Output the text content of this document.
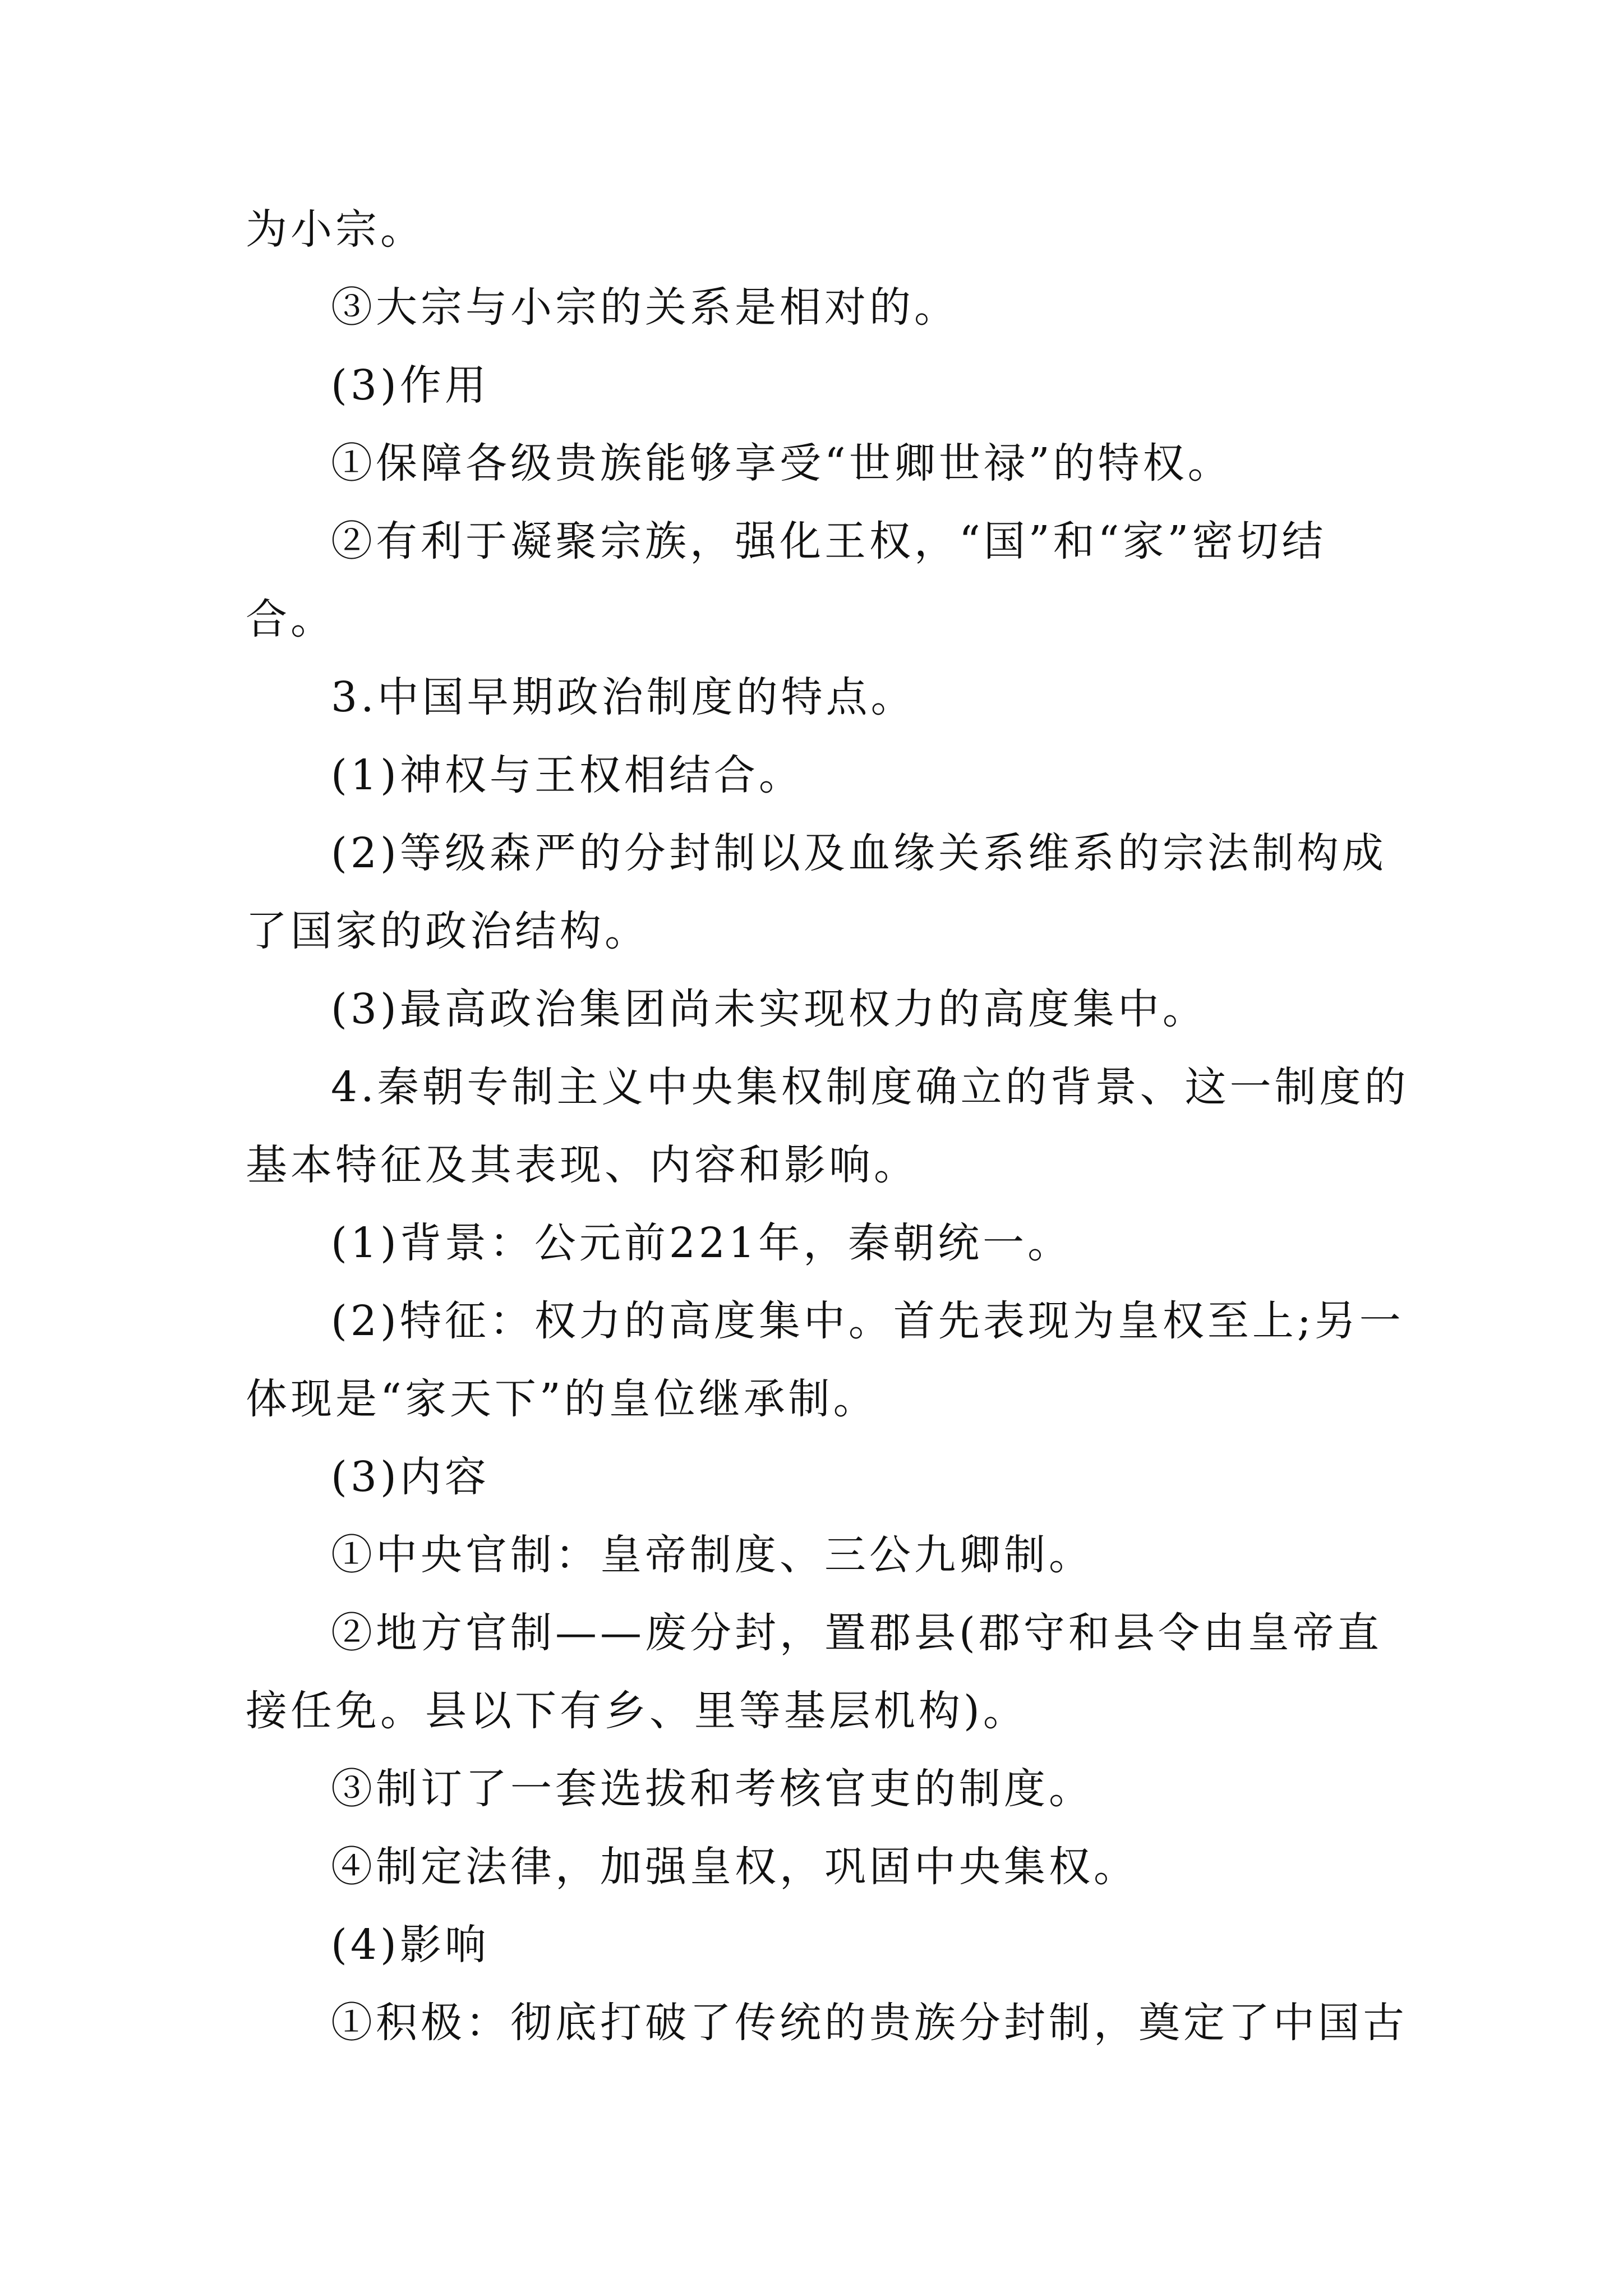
为小宗。
③大宗与小宗的关系是相对的。
(3)作用
①保障各级贵族能够享受“世卿世禄”的特权。
②有利于凝聚宗族，强化王权，“国”和“家”密切结
合。
3.中国早期政治制度的特点。
(1)神权与王权相结合。
(2)等级森严的分封制以及血缘关系维系的宗法制构成
了国家的政治结构。
(3)最高政治集团尚未实现权力的高度集中。
4.秦朝专制主义中央集权制度确立的背景、这一制度的
基本特征及其表现、内容和影响。
(1)背景：公元前221年，秦朝统一。
(2)特征：权力的高度集中。首先表现为皇权至上;另一
体现是“家天下”的皇位继承制。
(3)内容
①中央官制：皇帝制度、三公九卿制。
②地方官制——废分封，置郡县(郡守和县令由皇帝直
接任免。县以下有乡、里等基层机构)。
③制订了一套选拔和考核官吏的制度。
④制定法律，加强皇权，巩固中央集权。
(4)影响
①积极：彻底打破了传统的贵族分封制，奠定了中国古
